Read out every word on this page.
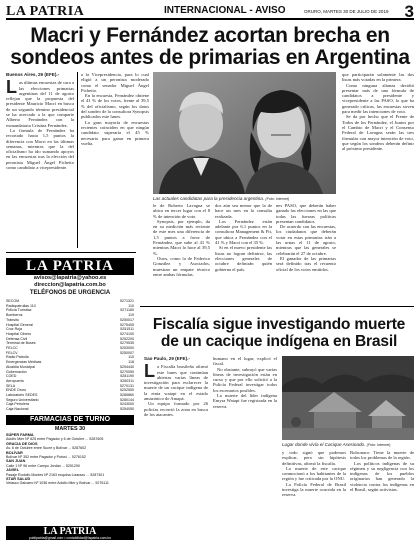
LA PATRIA	INTERNACIONAL - AVISO	ORURO, MARTES 30 DE JULIO DE 2019 3
Macri y Fernández acortan brecha en sondeos antes de primarias en Argentina
Buenos Aires, 29 (EFE).-
L as últimas encuestas de cara a las elecciones primarias argentinas del 11 de agosto reflejan que la propuesta del presidente Mauricio Macri en busca de un segundo término presidencial se ha acercado a la que comparte Alberto Fernández con la exmandataria Cristina Fernández.

La fórmula de Fernández ha recortado hasta 1,5 puntos la diferencia con Macri en las últimas semanas, mientras que la del oficialismo ha ido sumando apoyos en las encuestas tras la elección del peronista Miguel Ángel Pichetto como candidato a vicepresidente.

a la Vicepresidencia, para lo cual eligió a un peronista moderado como el senador Miguel Ángel Pichetto.

En la encuesta, Fernández obtiene el 41 % de los votos, frente al 39,5 % del oficialismo, según los datos del sondeo de la consultora Synopsis publicados este lunes.

La gran mayoría de encuestas recientes coinciden en que ningún candidato superaría el 45 % necesario para ganar en primera vuelta.

Las actuales candidatas para la presidencia argentina. (Foto: Internet)

le de Roberto Lavagna se ubica en tercer lugar con el 8 % de intención de voto.

Synopsis, por ejemplo, da en su medición más reciente de este mes una diferencia de 1,5 puntos a favor de Fernández, que sube al 41 % mientras Macri lo hace al 39,5 %.

Otros, como la de Federico González y Asociados, muestran un empate técnico entre ambas fórmulas.

dos aún sea menor que la de hace un mes en la consulta realizada.

Los Fernández están adelante por 6,1 puntos en la consultora Management & Fit, que ubica a Fernández con el 41 % y Macri con el 35 %.

Si en el nuevo presidente las listas no logran definirse, las elecciones generales de octubre definirán quién gobierna el país.

nes PASO, que deberán haber ganado las elecciones en las que todas las fuerzas políticas presentan candidatos.

De acuerdo con las encuestas, los ciudadanos que deberán votar en estas primarias irán a las urnas el 11 de agosto, mientras que las generales se celebrarán el 27 de octubre.

El ganador de las primarias será definido tras el recuento oficial de los votos emitidos.

que participarán solamente las dos listas más votadas en la primera.

Como ninguna alianza decidió presentar más de una fórmula de candidatos a presidente y vicepresidente a las PASO, lo que ha generado críticas, las encuestas sirven para medir las intenciones de voto.

Se da por hecho que el Frente de Todos de los Fernández, el Juntos por el Cambio de Macri y el Consenso Federal de Lavagna serán las tres fórmulas con mayor intención de voto, que según los sondeos deberán definir al próximo presidente.

LA PATRIA
avisos@lapatria@yahoo.es
direccion@lapatria.com.bo
TELÉFONOS DE URGENCIA
SECOM	5271321
Radiopatrullas 110	110
Policía Turística	5271180
Bomberos	119
Tránsito	5250017
Hospital General	5275405
Cruz Roja	5251511
Hospital Obrero	5274100
Defensa Civil	5252200
Terminal de Buses	5279535
FELCC	5253000
FELCV	5250007
Radio Patrulla	110
Emergencias Médicas	118
Alcaldía Municipal	5254440
Gobernación	5270050
COED	5281190
Aeropuerto	5260311
SELA	5270131
ENDE Oruro	5252550
Laboratorio SEDES	5285860
Seguro Universitario	5280144
Caja Petrolera	5243000
Caja Nacional	5254050
FARMACIAS DE TURNO
MARTES 30
SÚPER FARMA
Adolfo Mier Nº 625 entre Pagador y 6 de Octubre ... 5287605
GRACIA DE DIOS
Av. 6 de Octubre entre Sucre y Bolívar ... 5287602
BOLÍVAR
Bolívar Nº 352 entre Pagador y Potosí ... 5276152
SAN JUAN
Calle 1 Nº 96 entre Campo Jordán ... 5251290
JAVIEL
Pasaje Rodolfo Montes Nº 2163 esquina Lizarazu ... 5287301
STAR SALUD
Velasco Galvarro Nº 1036 entre Adolfo Mier y Bolívar ... 5276111
LA PATRIA
publipatria@gmail.com • contabilidad@lapatria.com.bo
Fiscalía sigue investigando muerte de un cacique indígena en Brasil
Sao Paulo, 29 (EFE).-
L a Fiscalía brasileña afirmó este lunes que continúan abiertas varias líneas de investigación para esclarecer la muerte de un cacique indígena de la etnia waiapi en el estado amazónico de Amapá.

Un equipo formado por 26 policías recorrió la zona en busca de los atacantes.

humano en el lugar, explicó el fiscal.

No obstante, subrayó que varias líneas de investigación están en curso y que por ello solicitó a la Policía Federal investigar todos los escenarios posibles.

La muerte del líder indígena Emyra Waiapi fue registrada en la reserva.

Lugar donde vivía el Cacique Asesinado. (Foto: Internet)

y todo signó que podemos explicar, pero sin hipótesis definitivas, afirmó la fiscalía.

La muerte de este cacique conmocionó a los habitantes de la región y fue criticada por la ONU.

La Policía Federal de Brasil investiga la muerte ocurrida en la reserva.

Bolsonaro: Tiene la muerte de todos los problemas de la región.

Los políticos indígenas de su régimen y su negligencia con los indígenas de los pueblos originarios han generado la violencia contra los indígenas en el Brasil, según activistas.
